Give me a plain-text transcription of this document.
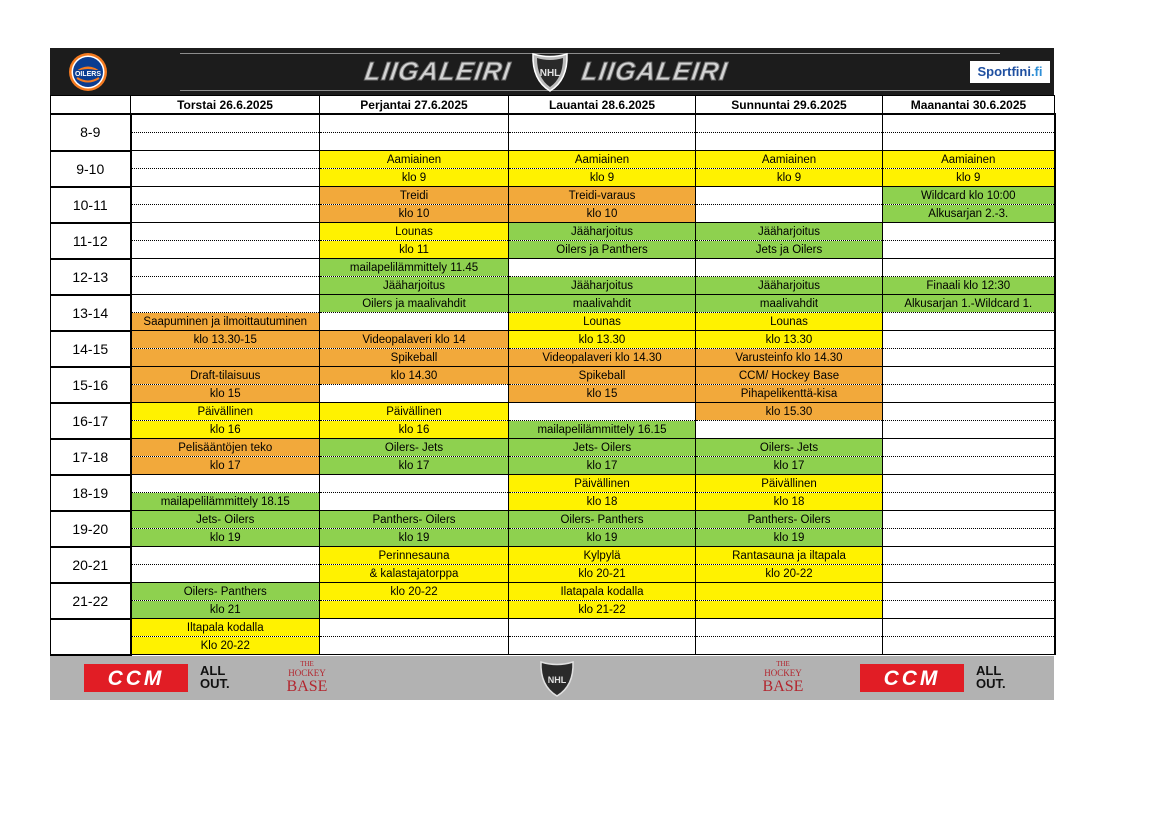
OILERS	LIIGALEIRI	NHL LIIGALEIRI	Sportfini.fi
	Torstai 26.6.2025	Perjantai 27.6.2025	Lauantai 28.6.2025	Sunnuntai 29.6.2025	Maanantai 30.6.2025
8-9					

9-10		Aamiainen	Aamiainen	Aamiainen	Aamiainen
		klo 9	klo 9	klo 9	klo 9
10-11		Treidi	Treidi-varaus		Wildcard klo 10:00
		klo 10	klo 10		Alkusarjan 2.-3.
11-12		Lounas	Jääharjoitus	Jääharjoitus	
		klo 11	Oilers ja Panthers	Jets ja Oilers	
12-13		mailapelilämmittely 11.45			
		Jääharjoitus	Jääharjoitus	Jääharjoitus	Finaali klo 12:30
13-14		Oilers ja maalivahdit	maalivahdit	maalivahdit	Alkusarjan 1.-Wildcard 1.
	Saapuminen ja ilmoittautuminen		Lounas	Lounas	
14-15	klo 13.30-15	Videopalaveri klo 14	klo 13.30	klo 13.30	
		Spikeball	Videopalaveri klo 14.30	Varusteinfo klo 14.30	
15-16	Draft-tilaisuus	klo 14.30	Spikeball	CCM/ Hockey Base	
	klo 15		klo 15	Pihapelikenttä-kisa	
16-17	Päivällinen	Päivällinen		klo 15.30	
	klo 16	klo 16	mailapelilämmittely 16.15		
17-18	Pelisääntöjen teko	Oilers- Jets	Jets- Oilers	Oilers- Jets	
	klo 17	klo 17	klo 17	klo 17	
18-19			Päivällinen	Päivällinen	
	mailapelilämmittely 18.15		klo 18	klo 18	
19-20	Jets- Oilers	Panthers- Oilers	Oilers- Panthers	Panthers- Oilers	
	klo 19	klo 19	klo 19	klo 19	
20-21		Perinnesauna	Kylpylä	Rantasauna ja iltapala	
		& kalastajatorppa	klo 20-21	klo 20-22	
21-22	Oilers- Panthers	klo 20-22	Ilatapala kodalla		
	klo 21		klo 21-22		
	Iltapala kodalla				
	Klo 20-22				
CCM	ALL
OUT.
THE
HOCKEY
BASE	NHL
THE
HOCKEY
BASE	CCM	ALL
OUT.
